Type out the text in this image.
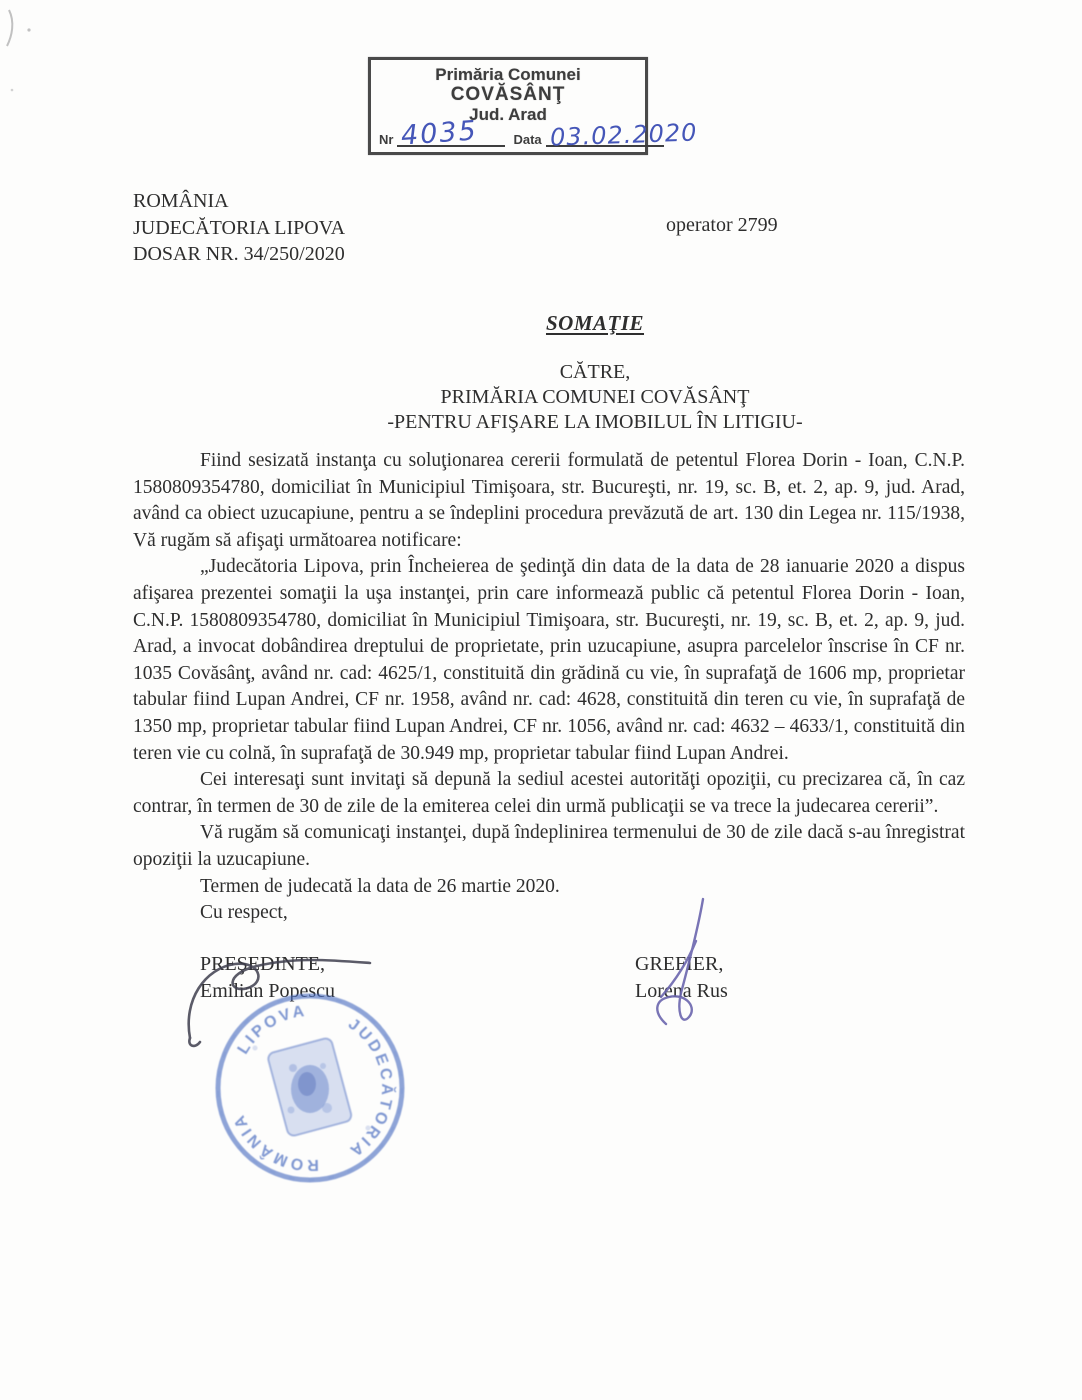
Primăria Comunei
COVĂSÂNŢ
Jud. Arad
Nr 4035	Data 03.02.2020
ROMÂNIA
JUDECĂTORIA LIPOVA
DOSAR NR. 34/250/2020
operator 2799
SOMAŢIE
CĂTRE,
PRIMĂRIA COMUNEI COVĂSÂNŢ
-PENTRU AFIŞARE LA IMOBILUL ÎN LITIGIU-

Fiind sesizată instanţa cu soluţionarea cererii formulată de petentul Florea Dorin - Ioan, C.N.P. 1580809354780, domiciliat în Municipiul Timişoara, str. Bucureşti, nr. 19, sc. B, et. 2, ap. 9, jud. Arad, având ca obiect uzucapiune, pentru a se îndeplini procedura prevăzută de art. 130 din Legea nr. 115/1938, Vă rugăm să afişaţi următoarea notificare:

„Judecătoria Lipova, prin Încheierea de şedinţă din data de la data de 28 ianuarie 2020 a dispus afişarea prezentei somaţii la uşa instanţei, prin care informează public că petentul Florea Dorin - Ioan, C.N.P. 1580809354780, domiciliat în Municipiul Timişoara, str. Bucureşti, nr. 19, sc. B, et. 2, ap. 9, jud. Arad, a invocat dobândirea dreptului de proprietate, prin uzucapiune, asupra parcelelor înscrise în CF nr. 1035 Covăsânţ, având nr. cad: 4625/1, constituită din grădină cu vie, în suprafaţă de 1606 mp, proprietar tabular fiind Lupan Andrei, CF nr. 1958, având nr. cad: 4628, constituită din teren cu vie, în suprafaţă de 1350 mp, proprietar tabular fiind Lupan Andrei, CF nr. 1056, având nr. cad: 4632 – 4633/1, constituită din teren vie cu colnă, în suprafaţă de 30.949 mp, proprietar tabular fiind Lupan Andrei.

Cei interesaţi sunt invitaţi să depună la sediul acestei autorităţi opoziţii, cu precizarea că, în caz contrar, în termen de 30 de zile de la emiterea celei din urmă publicaţii se va trece la judecarea cererii”.

Vă rugăm să comunicaţi instanţei, după îndeplinirea termenului de 30 de zile dacă s-au înregistrat opoziţii la uzucapiune.

Termen de judecată la data de 26 martie 2020.

Cu respect,

PREŞEDINTE,
Emilian Popescu
GREFIER,
Lorena Rus
LIPOVA
JUDECĂTORIA
ROMÂNIA
